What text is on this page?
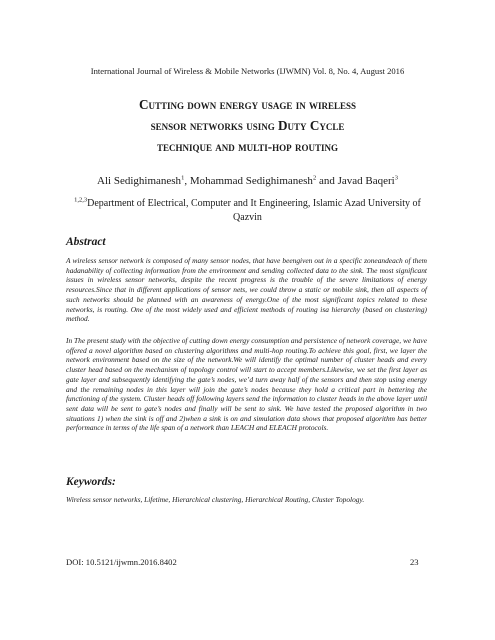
International Journal of Wireless & Mobile Networks (IJWMN) Vol. 8, No. 4, August 2016
Cutting down energy usage in wireless
sensor networks using Duty Cycle
technique and multi-hop routing
Ali Sedighimanesh$^1$, Mohammad Sedighimanesh$^2$ and Javad Baqeri$^3$
$^{1,2,3}$Department of Electrical, Computer and It Engineering, Islamic Azad University of Qazvin
Abstract
A wireless sensor network is composed of many sensor nodes, that have beengiven out in a specific zoneandeach of them hadanability of collecting information from the environment and sending collected data to the sink. The most significant issues in wireless sensor networks, despite the recent progress is the trouble of the severe limitations of energy resources.Since that in different applications of sensor nets, we could throw a static or mobile sink, then all aspects of such networks should be planned with an awareness of energy.One of the most significant topics related to these networks, is routing. One of the most widely used and efficient methods of routing isa hierarchy (based on clustering) method.
In The present study with the objective of cutting down energy consumption and persistence of network coverage, we have offered a novel algorithm based on clustering algorithms and multi-hop routing.To achieve this goal, first, we layer the network environment based on the size of the network.We will identify the optimal number of cluster heads and every cluster head based on the mechanism of topology control will start to accept members.Likewise, we set the first layer as gate layer and subsequently identifying the gate’s nodes, we’d turn away half of the sensors and then stop using energy and the remaining nodes in this layer will join the gate’s nodes because they hold a critical part in bettering the functioning of the system. Cluster heads off following layers send the information to cluster heads in the above layer until sent data will be sent to gate’s nodes and finally will be sent to sink. We have tested the proposed algorithm in two situations 1) when the sink is off and 2)when a sink is on and simulation data shows that proposed algorithm has better performance in terms of the life span of a network than LEACH and ELEACH protocols.
Keywords:
Wireless sensor networks, Lifetime, Hierarchical clustering, Hierarchical Routing, Cluster Topology.
DOI: 10.5121/ijwmn.2016.8402	23
